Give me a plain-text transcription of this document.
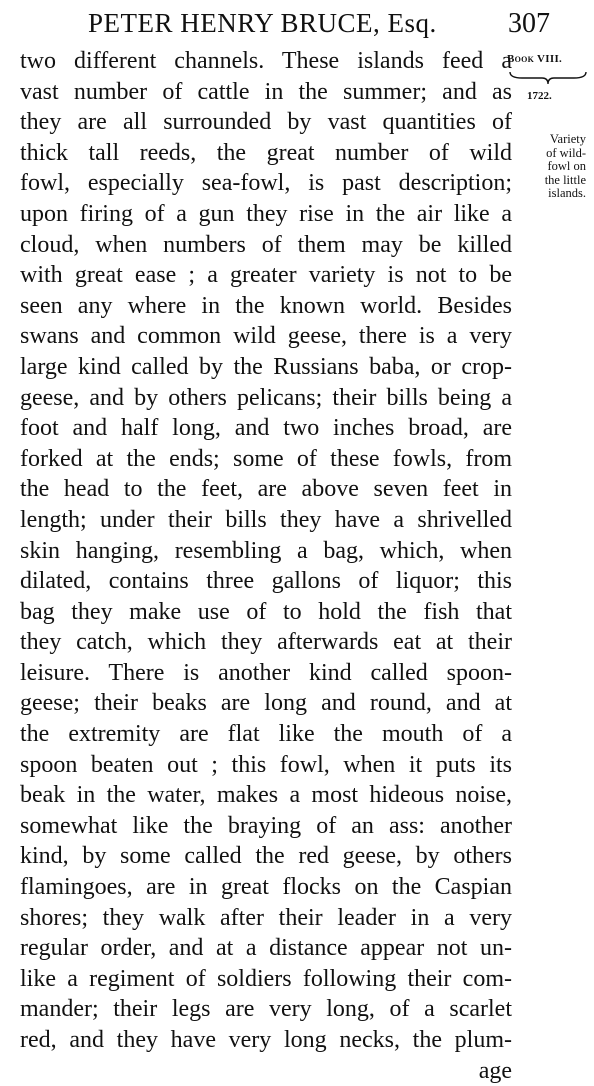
PETER HENRY BRUCE, Esq.	307
Book VIII.
1722.
Variety
of wild-
fowl on
the little
islands.
two different channels. These islands feed a
vast number of cattle in the summer; and as
they are all surrounded by vast quantities of
thick tall reeds, the great number of wild
fowl, especially sea-fowl, is past description;
upon firing of a gun they rise in the air like a
cloud, when numbers of them may be killed
with great ease ; a greater variety is not to be
seen any where in the known world. Besides
swans and common wild geese, there is a very
large kind called by the Russians baba, or crop-
geese, and by others pelicans; their bills being a
foot and half long, and two inches broad, are
forked at the ends; some of these fowls, from
the head to the feet, are above seven feet in
length; under their bills they have a shrivelled
skin hanging, resembling a bag, which, when
dilated, contains three gallons of liquor; this
bag they make use of to hold the fish that
they catch, which they afterwards eat at their
leisure. There is another kind called spoon-
geese; their beaks are long and round, and at
the extremity are flat like the mouth of a
spoon beaten out ; this fowl, when it puts its
beak in the water, makes a most hideous noise,
somewhat like the braying of an ass: another
kind, by some called the red geese, by others
flamingoes, are in great flocks on the Caspian
shores; they walk after their leader in a very
regular order, and at a distance appear not un-
like a regiment of soldiers following their com-
mander; their legs are very long, of a scarlet
red, and they have very long necks, the plum-
age
